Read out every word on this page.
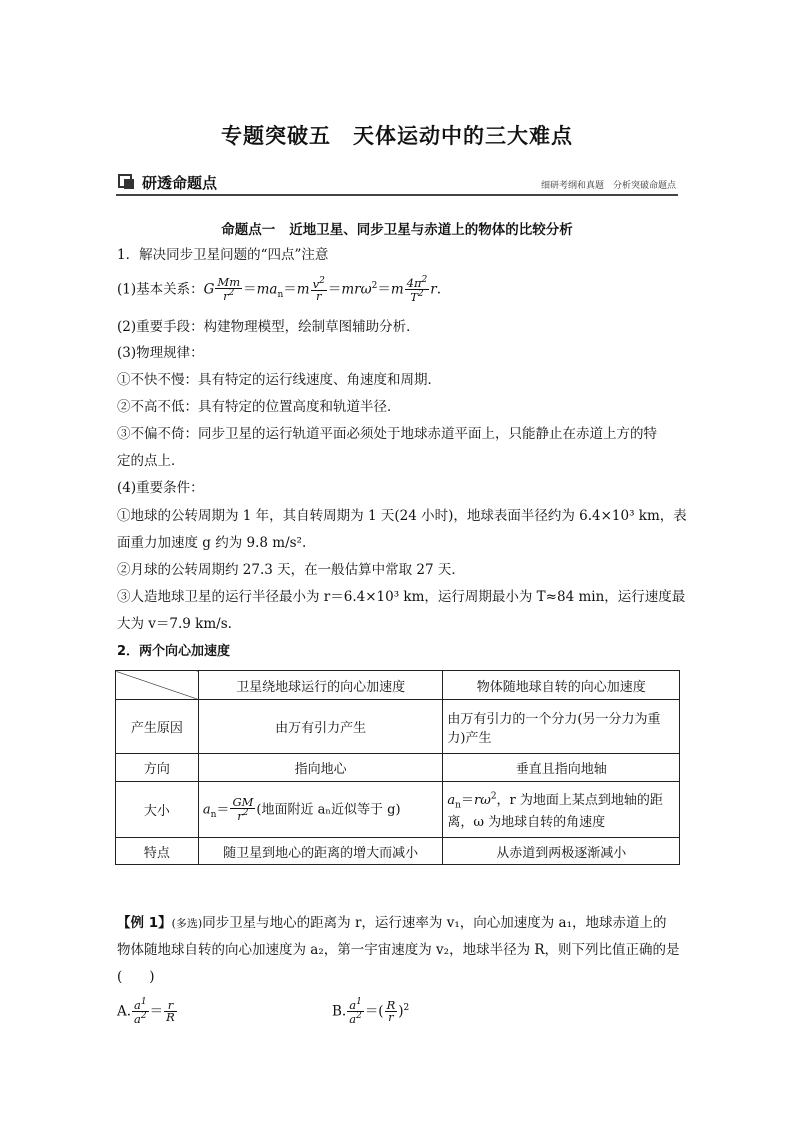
专题突破五　天体运动中的三大难点
研透命题点	细研考纲和真题　分析突破命题点
命题点一 近地卫星、同步卫星与赤道上的物体的比较分析
1．解决同步卫星问题的“四点”注意
(1)基本关系：G $\frac{Mm}{r^2} =ma_n=m \frac{v^2}{r} =mr\omega^2=m \frac{4\pi^2}{T^2} r$.
(2)重要手段：构建物理模型，绘制草图辅助分析．
(3)物理规律：
①不快不慢：具有特定的运行线速度、角速度和周期．
②不高不低：具有特定的位置高度和轨道半径．
③不偏不倚：同步卫星的运行轨道平面必须处于地球赤道平面上，只能静止在赤道上方的特
定的点上．
(4)重要条件：
①地球的公转周期为 1 年，其自转周期为 1 天(24 小时)，地球表面半径约为 6.4×10³ km，表
面重力加速度 g 约为 9.8 m/s².
②月球的公转周期约 27.3 天，在一般估算中常取 27 天．
③人造地球卫星的运行半径最小为 r＝6.4×10³ km，运行周期最小为 T≈84 min，运行速度最
大为 v＝7.9 km/s.
2．两个向心加速度
	卫星绕地球运行的向心加速度	物体随地球自转的向心加速度
产生原因	由万有引力产生	由万有引力的一个分力(另一分力为重力)产生
方向	指向地心	垂直且指向地轴
大小	$a_n= \frac{GM}{r^2}$ (地面附近 aₙ近似等于 g)	$a_n=r\omega^2$，r 为地面上某点到地轴的距
离，ω 为地球自转的角速度
特点	随卫星到地心的距离的增大而减小	从赤道到两极逐渐减小
【例 1】(多选)同步卫星与地心的距离为 r，运行速率为 v₁，向心加速度为 a₁，地球赤道上的
物体随地球自转的向心加速度为 a₂，第一宇宙速度为 v₂，地球半径为 R，则下列比值正确的是
(　　)
A. $\frac{a^1}{a^2} = \frac{r}{R}$	B. $\frac{a^1}{a^2}$ ＝( $\frac{R}{r} )^2$
